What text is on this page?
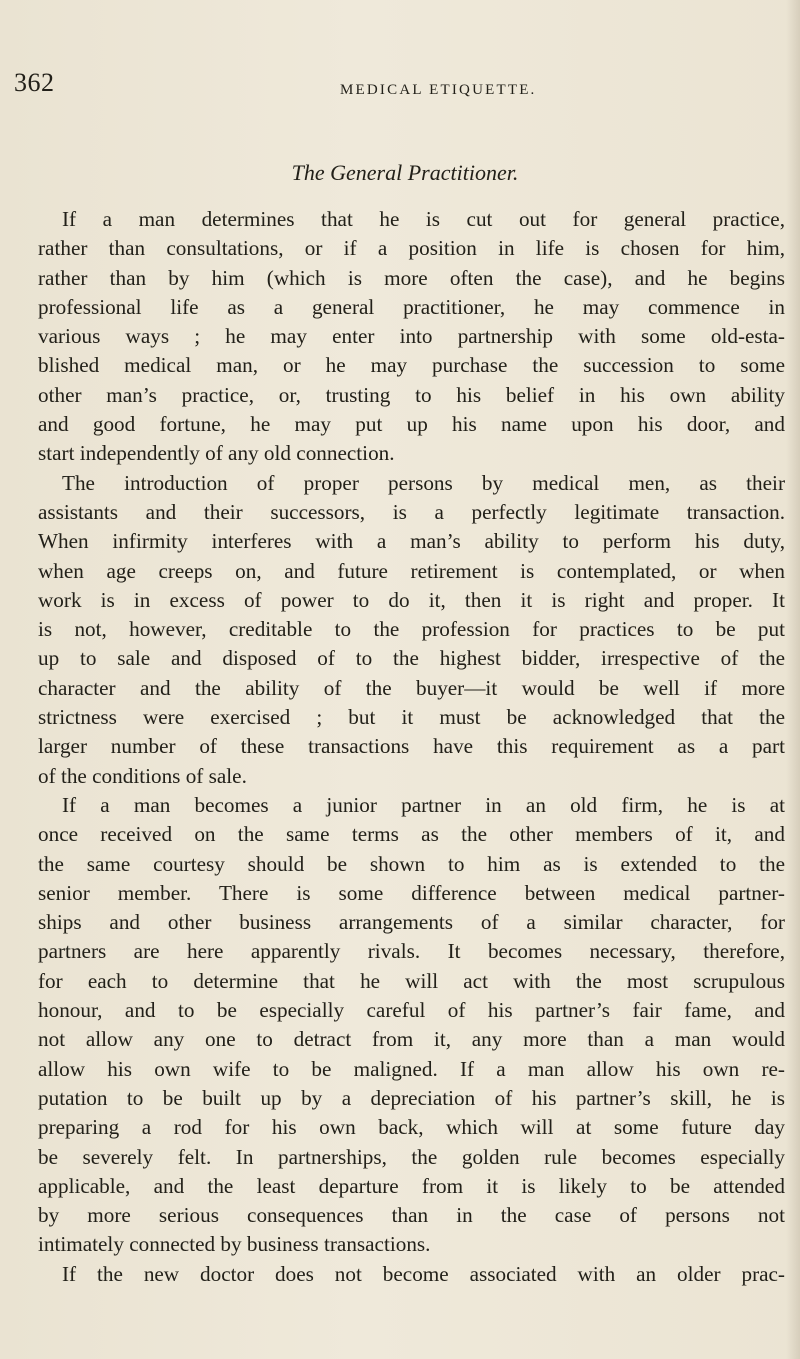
362	MEDICAL ETIQUETTE.
The General Practitioner.
If a man determines that he is cut out for general practice,
rather than consultations, or if a position in life is chosen for him,
rather than by him (which is more often the case), and he begins
professional life as a general practitioner, he may commence in
various ways ; he may enter into partnership with some old-esta-
blished medical man, or he may purchase the succession to some
other man’s practice, or, trusting to his belief in his own ability
and good fortune, he may put up his name upon his door, and
start independently of any old connection.
The introduction of proper persons by medical men, as their
assistants and their successors, is a perfectly legitimate transaction.
When infirmity interferes with a man’s ability to perform his duty,
when age creeps on, and future retirement is contemplated, or when
work is in excess of power to do it, then it is right and proper. It
is not, however, creditable to the profession for practices to be put
up to sale and disposed of to the highest bidder, irrespective of the
character and the ability of the buyer—it would be well if more
strictness were exercised ; but it must be acknowledged that the
larger number of these transactions have this requirement as a part
of the conditions of sale.
If a man becomes a junior partner in an old firm, he is at
once received on the same terms as the other members of it, and
the same courtesy should be shown to him as is extended to the
senior member. There is some difference between medical partner-
ships and other business arrangements of a similar character, for
partners are here apparently rivals. It becomes necessary, therefore,
for each to determine that he will act with the most scrupulous
honour, and to be especially careful of his partner’s fair fame, and
not allow any one to detract from it, any more than a man would
allow his own wife to be maligned. If a man allow his own re-
putation to be built up by a depreciation of his partner’s skill, he is
preparing a rod for his own back, which will at some future day
be severely felt. In partnerships, the golden rule becomes especially
applicable, and the least departure from it is likely to be attended
by more serious consequences than in the case of persons not
intimately connected by business transactions.
If the new doctor does not become associated with an older prac-
